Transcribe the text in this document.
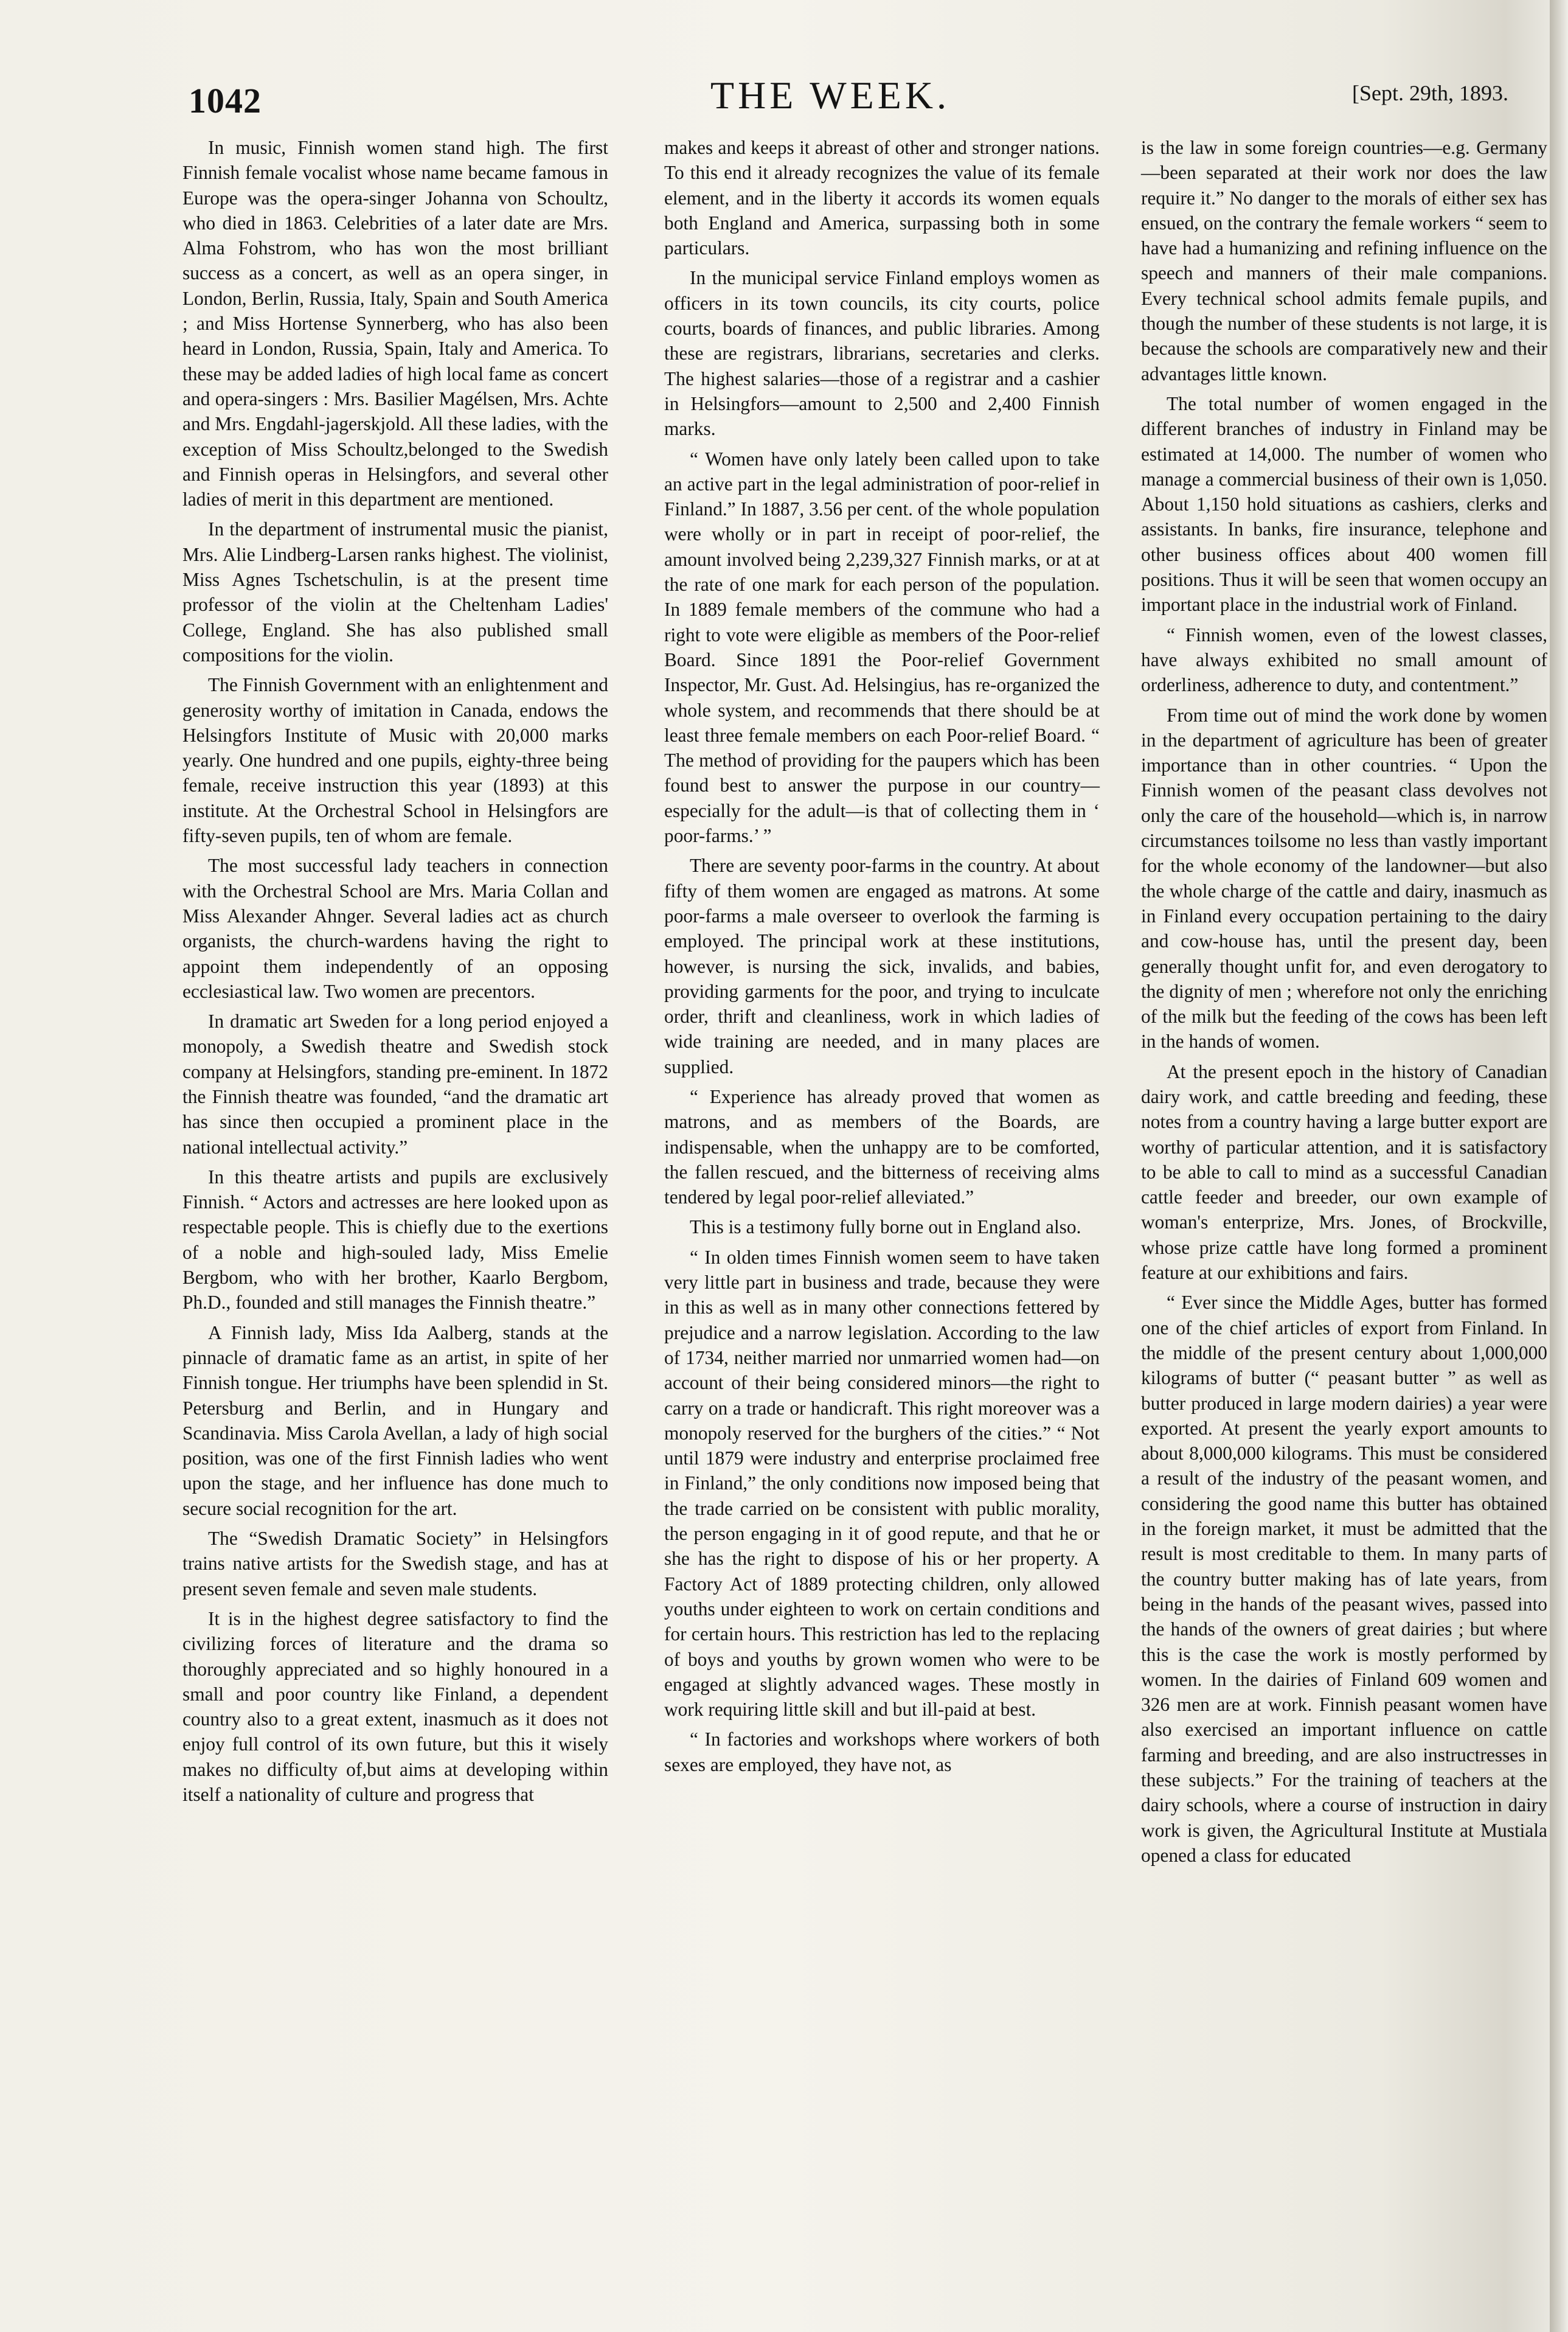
1042	THE WEEK.	[Sept. 29th, 1893.

In music, Finnish women stand high. The first Finnish female vocalist whose name became famous in Europe was the opera-singer Johanna von Schoultz, who died in 1863. Celebrities of a later date are Mrs. Alma Fohstrom, who has won the most brilliant success as a concert, as well as an opera singer, in London, Berlin, Russia, Italy, Spain and South America ; and Miss Hortense Synnerberg, who has also been heard in London, Russia, Spain, Italy and America. To these may be added ladies of high local fame as concert and opera-singers : Mrs. Basilier Magélsen, Mrs. Achte and Mrs. Engdahl-jagerskjold. All these ladies, with the exception of Miss Schoultz,belonged to the Swedish and Finnish operas in Helsingfors, and several other ladies of merit in this department are mentioned.

In the department of instrumental music the pianist, Mrs. Alie Lindberg-Larsen ranks highest. The violinist, Miss Agnes Tschetschulin, is at the present time professor of the violin at the Cheltenham Ladies' College, England. She has also published small compositions for the violin.

The Finnish Government with an enlightenment and generosity worthy of imitation in Canada, endows the Helsingfors Institute of Music with 20,000 marks yearly. One hundred and one pupils, eighty-three being female, receive instruction this year (1893) at this institute. At the Orchestral School in Helsingfors are fifty-seven pupils, ten of whom are female.

The most successful lady teachers in connection with the Orchestral School are Mrs. Maria Collan and Miss Alexander Ahnger. Several ladies act as church organists, the church-wardens having the right to appoint them independently of an opposing ecclesiastical law. Two women are precentors.

In dramatic art Sweden for a long period enjoyed a monopoly, a Swedish theatre and Swedish stock company at Helsingfors, standing pre-eminent. In 1872 the Finnish theatre was founded, “and the dramatic art has since then occupied a prominent place in the national intellectual activity.”

In this theatre artists and pupils are exclusively Finnish. “ Actors and actresses are here looked upon as respectable people. This is chiefly due to the exertions of a noble and high-souled lady, Miss Emelie Bergbom, who with her brother, Kaarlo Bergbom, Ph.D., founded and still manages the Finnish theatre.”

A Finnish lady, Miss Ida Aalberg, stands at the pinnacle of dramatic fame as an artist, in spite of her Finnish tongue. Her triumphs have been splendid in St. Petersburg and Berlin, and in Hungary and Scandinavia. Miss Carola Avellan, a lady of high social position, was one of the first Finnish ladies who went upon the stage, and her influence has done much to secure social recognition for the art.

The “Swedish Dramatic Society” in Helsingfors trains native artists for the Swedish stage, and has at present seven female and seven male students.

It is in the highest degree satisfactory to find the civilizing forces of literature and the drama so thoroughly appreciated and so highly honoured in a small and poor country like Finland, a dependent country also to a great extent, inasmuch as it does not enjoy full control of its own future, but this it wisely makes no difficulty of,but aims at developing within itself a nationality of culture and progress that

makes and keeps it abreast of other and stronger nations. To this end it already recognizes the value of its female element, and in the liberty it accords its women equals both England and America, surpassing both in some particulars.

In the municipal service Finland employs women as officers in its town councils, its city courts, police courts, boards of finances, and public libraries. Among these are registrars, librarians, secretaries and clerks. The highest salaries—those of a registrar and a cashier in Helsingfors—amount to 2,500 and 2,400 Finnish marks.

“ Women have only lately been called upon to take an active part in the legal administration of poor-relief in Finland.” In 1887, 3.56 per cent. of the whole population were wholly or in part in receipt of poor-relief, the amount involved being 2,239,327 Finnish marks, or at at the rate of one mark for each person of the population. In 1889 female members of the commune who had a right to vote were eligible as members of the Poor-relief Board. Since 1891 the Poor-relief Government Inspector, Mr. Gust. Ad. Helsingius, has re-organized the whole system, and recommends that there should be at least three female members on each Poor-relief Board. “ The method of providing for the paupers which has been found best to answer the purpose in our country—especially for the adult—is that of collecting them in ‘ poor-farms.’ ”

There are seventy poor-farms in the country. At about fifty of them women are engaged as matrons. At some poor-farms a male overseer to overlook the farming is employed. The principal work at these institutions, however, is nursing the sick, invalids, and babies, providing garments for the poor, and trying to inculcate order, thrift and cleanliness, work in which ladies of wide training are needed, and in many places are supplied.

“ Experience has already proved that women as matrons, and as members of the Boards, are indispensable, when the unhappy are to be comforted, the fallen rescued, and the bitterness of receiving alms tendered by legal poor-relief alleviated.”

This is a testimony fully borne out in England also.

“ In olden times Finnish women seem to have taken very little part in business and trade, because they were in this as well as in many other connections fettered by prejudice and a narrow legislation. According to the law of 1734, neither married nor unmarried women had—on account of their being considered minors—the right to carry on a trade or handicraft. This right moreover was a monopoly reserved for the burghers of the cities.” “ Not until 1879 were industry and enterprise proclaimed free in Finland,” the only conditions now imposed being that the trade carried on be consistent with public morality, the person engaging in it of good repute, and that he or she has the right to dispose of his or her property. A Factory Act of 1889 protecting children, only allowed youths under eighteen to work on certain conditions and for certain hours. This restriction has led to the replacing of boys and youths by grown women who were to be engaged at slightly advanced wages. These mostly in work requiring little skill and but ill-paid at best.

“ In factories and workshops where workers of both sexes are employed, they have not, as

is the law in some foreign countries—e.g. Germany—been separated at their work nor does the law require it.” No danger to the morals of either sex has ensued, on the contrary the female workers “ seem to have had a humanizing and refining influence on the speech and manners of their male companions. Every technical school admits female pupils, and though the number of these students is not large, it is because the schools are comparatively new and their advantages little known.

The total number of women engaged in the different branches of industry in Finland may be estimated at 14,000. The number of women who manage a commercial business of their own is 1,050. About 1,150 hold situations as cashiers, clerks and assistants. In banks, fire insurance, telephone and other business offices about 400 women fill positions. Thus it will be seen that women occupy an important place in the industrial work of Finland.

“ Finnish women, even of the lowest classes, have always exhibited no small amount of orderliness, adherence to duty, and contentment.”

From time out of mind the work done by women in the department of agriculture has been of greater importance than in other countries. “ Upon the Finnish women of the peasant class devolves not only the care of the household—which is, in narrow circumstances toilsome no less than vastly important for the whole economy of the landowner—but also the whole charge of the cattle and dairy, inasmuch as in Finland every occupation pertaining to the dairy and cow-house has, until the present day, been generally thought unfit for, and even derogatory to the dignity of men ; wherefore not only the enriching of the milk but the feeding of the cows has been left in the hands of women.

At the present epoch in the history of Canadian dairy work, and cattle breeding and feeding, these notes from a country having a large butter export are worthy of particular attention, and it is satisfactory to be able to call to mind as a successful Canadian cattle feeder and breeder, our own example of woman's enterprize, Mrs. Jones, of Brockville, whose prize cattle have long formed a prominent feature at our exhibitions and fairs.

“ Ever since the Middle Ages, butter has formed one of the chief articles of export from Finland. In the middle of the present century about 1,000,000 kilograms of butter (“ peasant butter ” as well as butter produced in large modern dairies) a year were exported. At present the yearly export amounts to about 8,000,000 kilograms. This must be considered a result of the industry of the peasant women, and considering the good name this butter has obtained in the foreign market, it must be admitted that the result is most creditable to them. In many parts of the country butter making has of late years, from being in the hands of the peasant wives, passed into the hands of the owners of great dairies ; but where this is the case the work is mostly performed by women. In the dairies of Finland 609 women and 326 men are at work. Finnish peasant women have also exercised an important influence on cattle farming and breeding, and are also instructresses in these subjects.” For the training of teachers at the dairy schools, where a course of instruction in dairy work is given, the Agricultural Institute at Mustiala opened a class for educated
